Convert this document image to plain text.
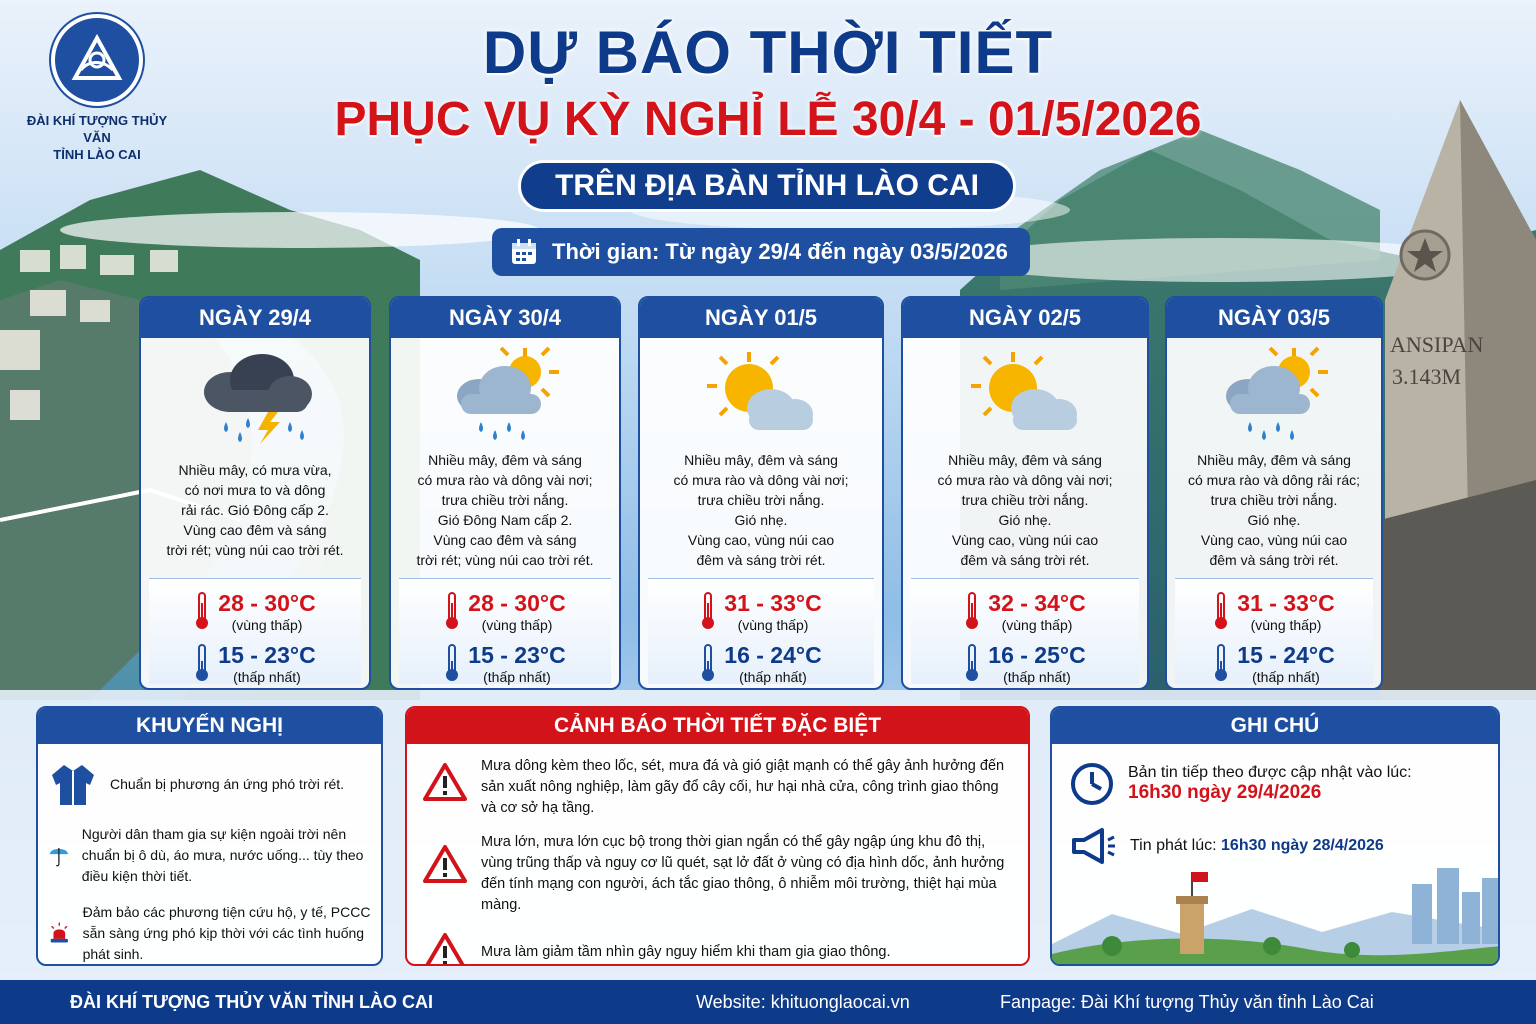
ANSIPAN
3.143M
ĐÀI KHÍ TƯỢNG THỦY VĂN
TỈNH LÀO CAI
DỰ BÁO THỜI TIẾT
PHỤC VỤ KỲ NGHỈ LỄ 30/4 - 01/5/2026
TRÊN ĐỊA BÀN TỈNH LÀO CAI
Thời gian: Từ ngày 29/4 đến ngày 03/5/2026
NGÀY 29/4
Nhiều mây, có mưa vừa,
có nơi mưa to và dông
rải rác. Gió Đông cấp 2.
Vùng cao đêm và sáng
trời rét; vùng núi cao trời rét.
28 - 30°C
(vùng thấp)
15 - 23°C
(thấp nhất)
NGÀY 30/4
Nhiều mây, đêm và sáng
có mưa rào và dông vài nơi;
trưa chiều trời nắng.
Gió Đông Nam cấp 2.
Vùng cao đêm và sáng
trời rét; vùng núi cao trời rét.
28 - 30°C
(vùng thấp)
15 - 23°C
(thấp nhất)
NGÀY 01/5
Nhiều mây, đêm và sáng
có mưa rào và dông vài nơi;
trưa chiều trời nắng.
Gió nhẹ.
Vùng cao, vùng núi cao
đêm và sáng trời rét.
31 - 33°C
(vùng thấp)
16 - 24°C
(thấp nhất)
NGÀY 02/5
Nhiều mây, đêm và sáng
có mưa rào và dông vài nơi;
trưa chiều trời nắng.
Gió nhẹ.
Vùng cao, vùng núi cao
đêm và sáng trời rét.
32 - 34°C
(vùng thấp)
16 - 25°C
(thấp nhất)
NGÀY 03/5
Nhiều mây, đêm và sáng
có mưa rào và dông rải rác;
trưa chiều trời nắng.
Gió nhẹ.
Vùng cao, vùng núi cao
đêm và sáng trời rét.
31 - 33°C
(vùng thấp)
15 - 24°C
(thấp nhất)
KHUYẾN NGHỊ
Chuẩn bị phương án ứng phó trời rét.
Người dân tham gia sự kiện ngoài trời nên chuẩn bị ô dù, áo mưa, nước uống... tùy theo điều kiện thời tiết.
Đảm bảo các phương tiện cứu hộ, y tế, PCCC sẵn sàng ứng phó kịp thời với các tình huống phát sinh.
CẢNH BÁO THỜI TIẾT ĐẶC BIỆT
Mưa dông kèm theo lốc, sét, mưa đá và gió giật mạnh có thể gây ảnh hưởng đến sản xuất nông nghiệp, làm gãy đổ cây cối, hư hại nhà cửa, công trình giao thông và cơ sở hạ tầng.
Mưa lớn, mưa lớn cục bộ trong thời gian ngắn có thể gây ngập úng khu đô thị, vùng trũng thấp và nguy cơ lũ quét, sạt lở đất ở vùng có địa hình dốc, ảnh hưởng đến tính mạng con người, ách tắc giao thông, ô nhiễm môi trường, thiệt hại mùa màng.
Mưa làm giảm tầm nhìn gây nguy hiểm khi tham gia giao thông.
GHI CHÚ
Bản tin tiếp theo được cập nhật vào lúc:
16h30 ngày 29/4/2026
Tin phát lúc: 16h30 ngày 28/4/2026
ĐÀI KHÍ TƯỢNG THỦY VĂN TỈNH LÀO CAI	Website: khituonglaocai.vn	Fanpage: Đài Khí tượng Thủy văn tỉnh Lào Cai
